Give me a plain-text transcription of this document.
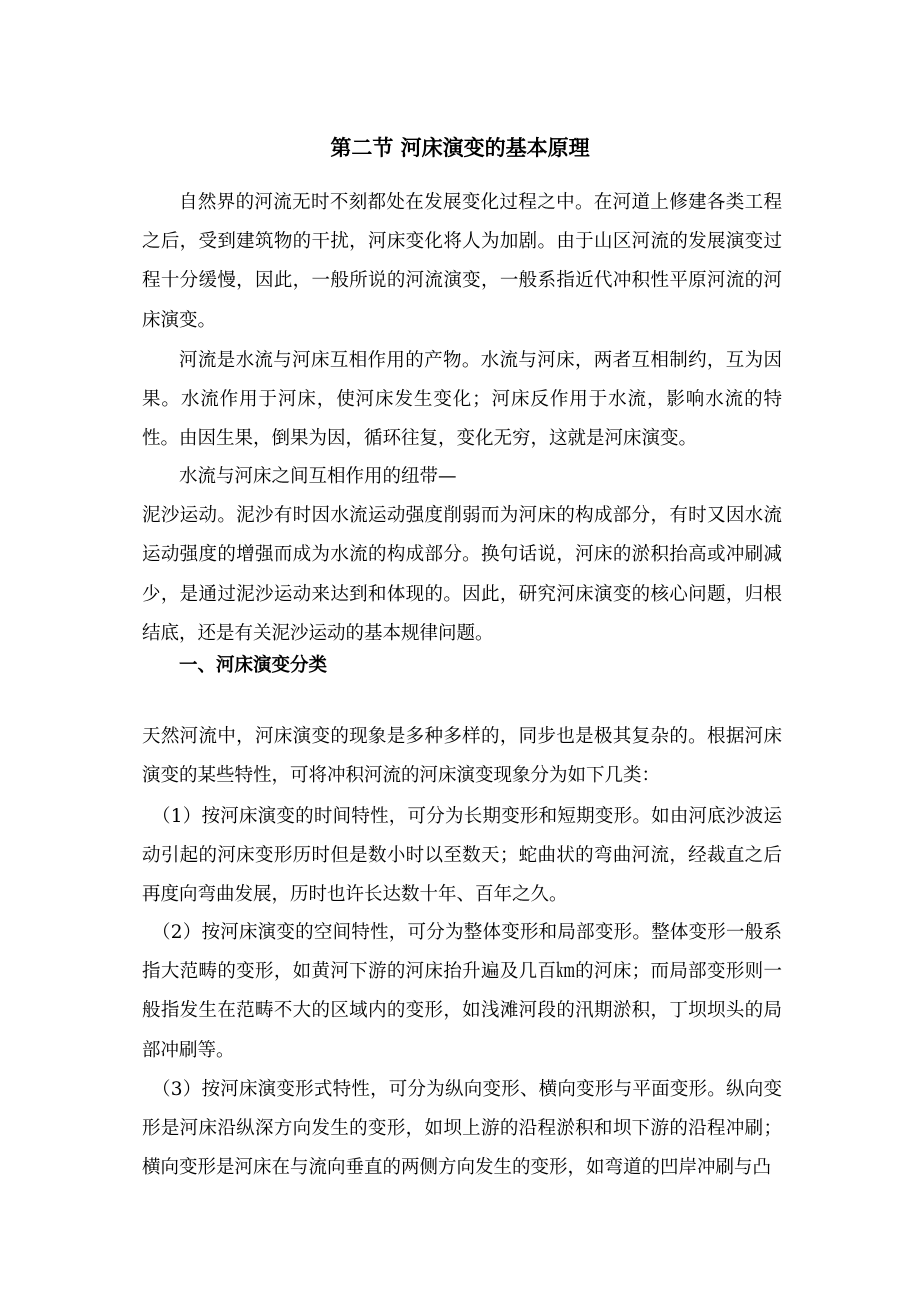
第二节 河床演变的基本原理

自然界的河流无时不刻都处在发展变化过程之中。在河道上修建各类工程之后，受到建筑物的干扰，河床变化将人为加剧。由于山区河流的发展演变过程十分缓慢，因此，一般所说的河流演变，一般系指近代冲积性平原河流的河床演变。

河流是水流与河床互相作用的产物。水流与河床，两者互相制约，互为因果。水流作用于河床，使河床发生变化；河床反作用于水流，影响水流的特性。由因生果，倒果为因，循环往复，变化无穷，这就是河床演变。

水流与河床之间互相作用的纽带—
泥沙运动。泥沙有时因水流运动强度削弱而为河床的构成部分，有时又因水流运动强度的增强而成为水流的构成部分。换句话说，河床的淤积抬高或冲刷减少，是通过泥沙运动来达到和体现的。因此，研究河床演变的核心问题，归根结底，还是有关泥沙运动的基本规律问题。
一、河床演变分类

天然河流中，河床演变的现象是多种多样的，同步也是极其复杂的。根据河床演变的某些特性，可将冲积河流的河床演变现象分为如下几类：

（1）按河床演变的时间特性，可分为长期变形和短期变形。如由河底沙波运动引起的河床变形历时但是数小时以至数天；蛇曲状的弯曲河流，经裁直之后再度向弯曲发展，历时也许长达数十年、百年之久。

（2）按河床演变的空间特性，可分为整体变形和局部变形。整体变形一般系指大范畴的变形，如黄河下游的河床抬升遍及几百㎞的河床；而局部变形则一般指发生在范畴不大的区域内的变形，如浅滩河段的汛期淤积，丁坝坝头的局部冲刷等。

（3）按河床演变形式特性，可分为纵向变形、横向变形与平面变形。纵向变形是河床沿纵深方向发生的变形，如坝上游的沿程淤积和坝下游的沿程冲刷；横向变形是河床在与流向垂直的两侧方向发生的变形，如弯道的凹岸冲刷与凸
